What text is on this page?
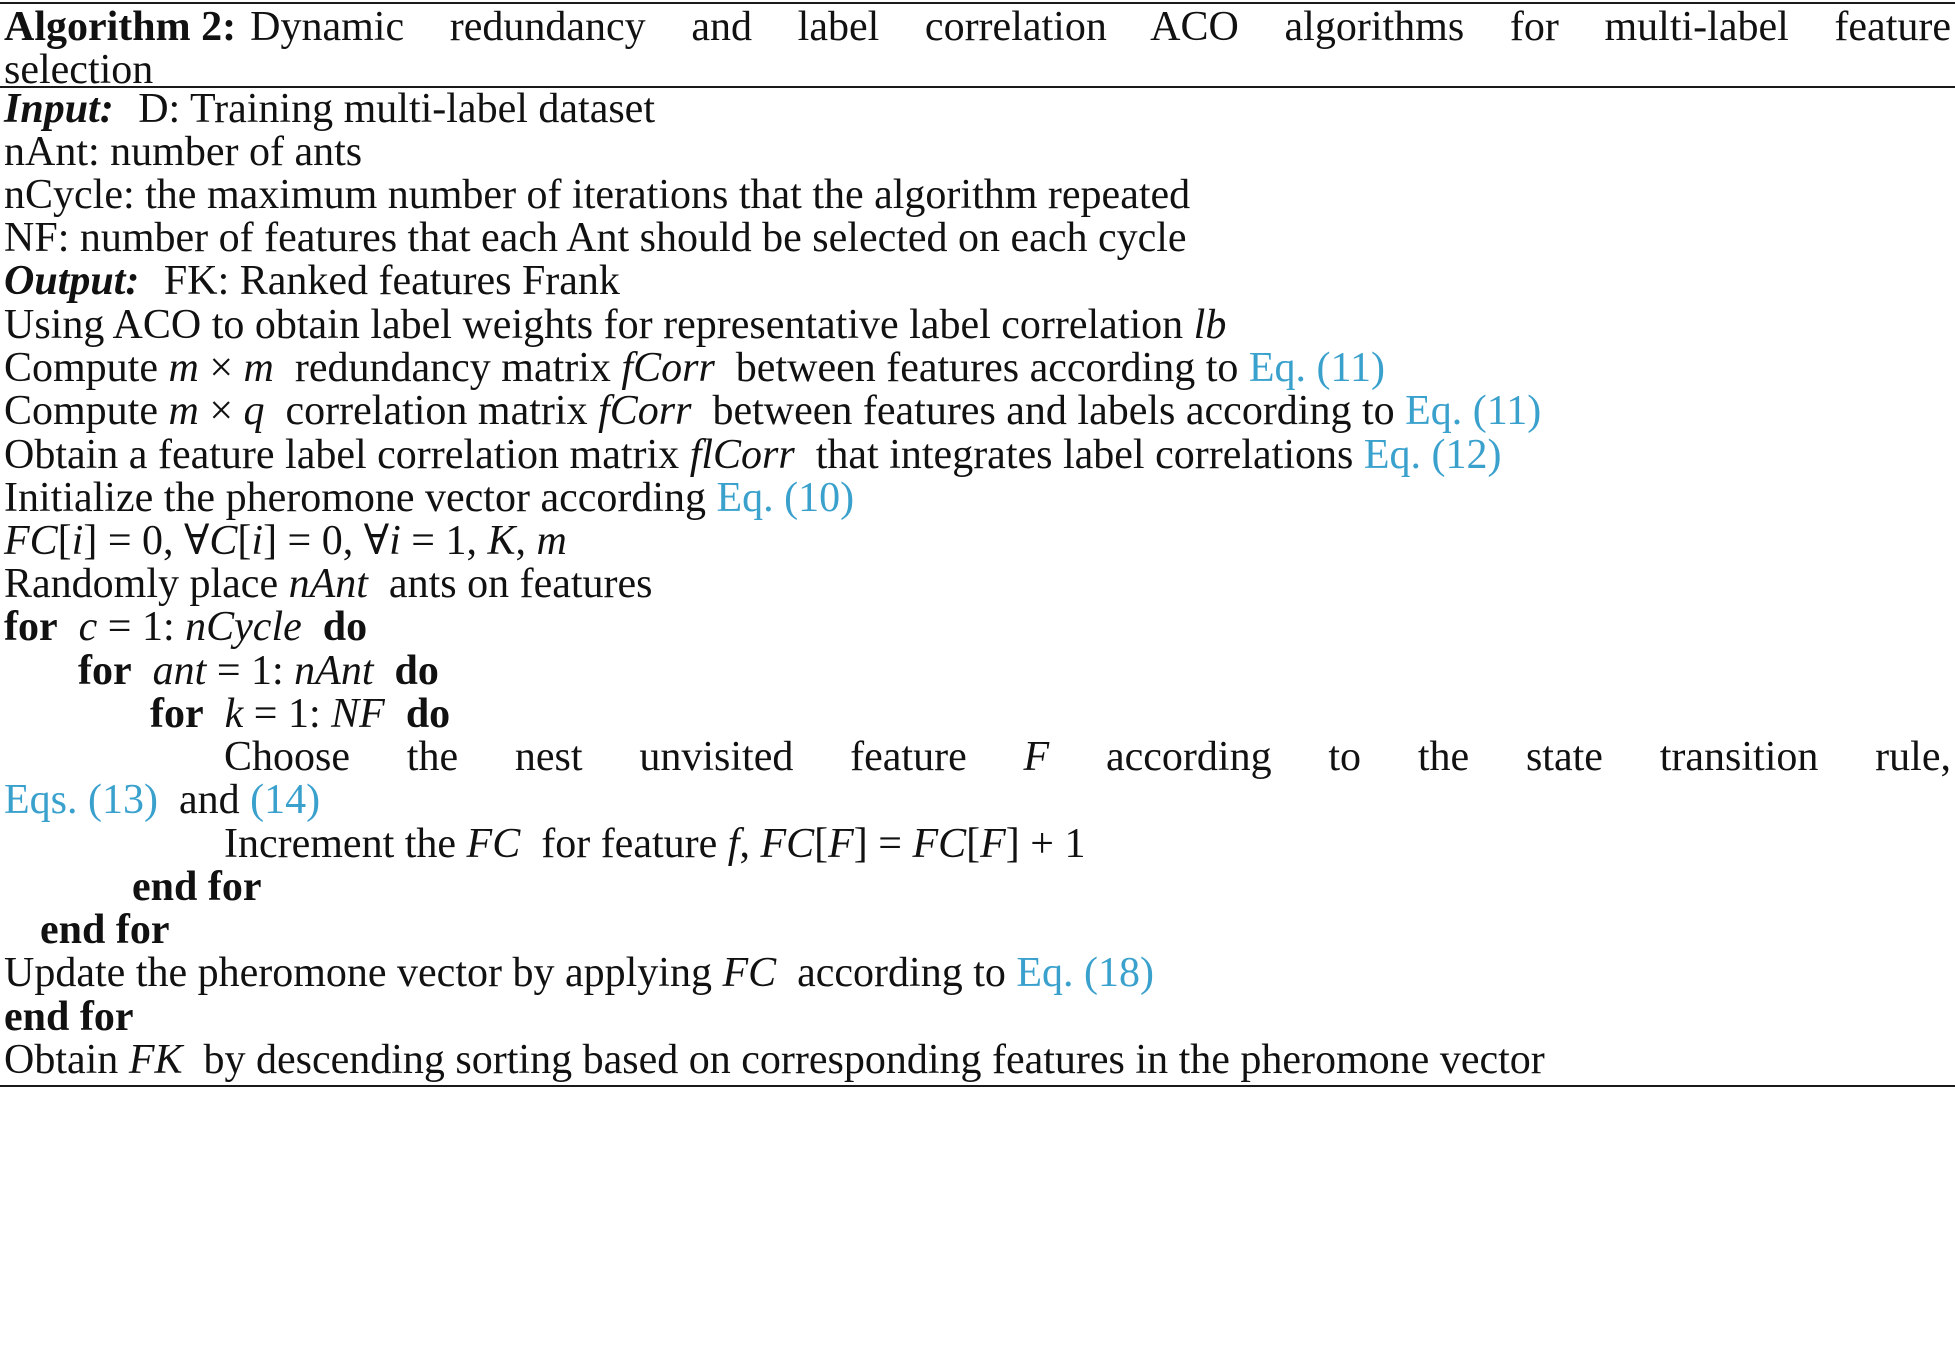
Algorithm 2: Dynamic redundancy and label correlation ACO algorithms for multi-label feature
selection
Input: D: Training multi-label dataset
nAnt: number of ants
nCycle: the maximum number of iterations that the algorithm repeated
NF: number of features that each Ant should be selected on each cycle
Output: FK: Ranked features Frank
Using ACO to obtain label weights for representative label correlation lb
Compute m × m redundancy matrix fCorr between features according to Eq. (11)
Compute m × q correlation matrix fCorr between features and labels according to Eq. (11)
Obtain a feature label correlation matrix flCorr that integrates label correlations Eq. (12)
Initialize the pheromone vector according Eq. (10)
FC[i] = 0, ∀C[i] = 0, ∀i = 1, K, m
Randomly place nAnt ants on features
for c = 1: nCycle do
for ant = 1: nAnt do
for k = 1: NF do
Choose the nest unvisited feature F according to the state transition rule,
Eqs. (13) and (14)
Increment the FC for feature f, FC[F] = FC[F] + 1
end for
end for
Update the pheromone vector by applying FC according to Eq. (18)
end for
Obtain FK by descending sorting based on corresponding features in the pheromone vector
